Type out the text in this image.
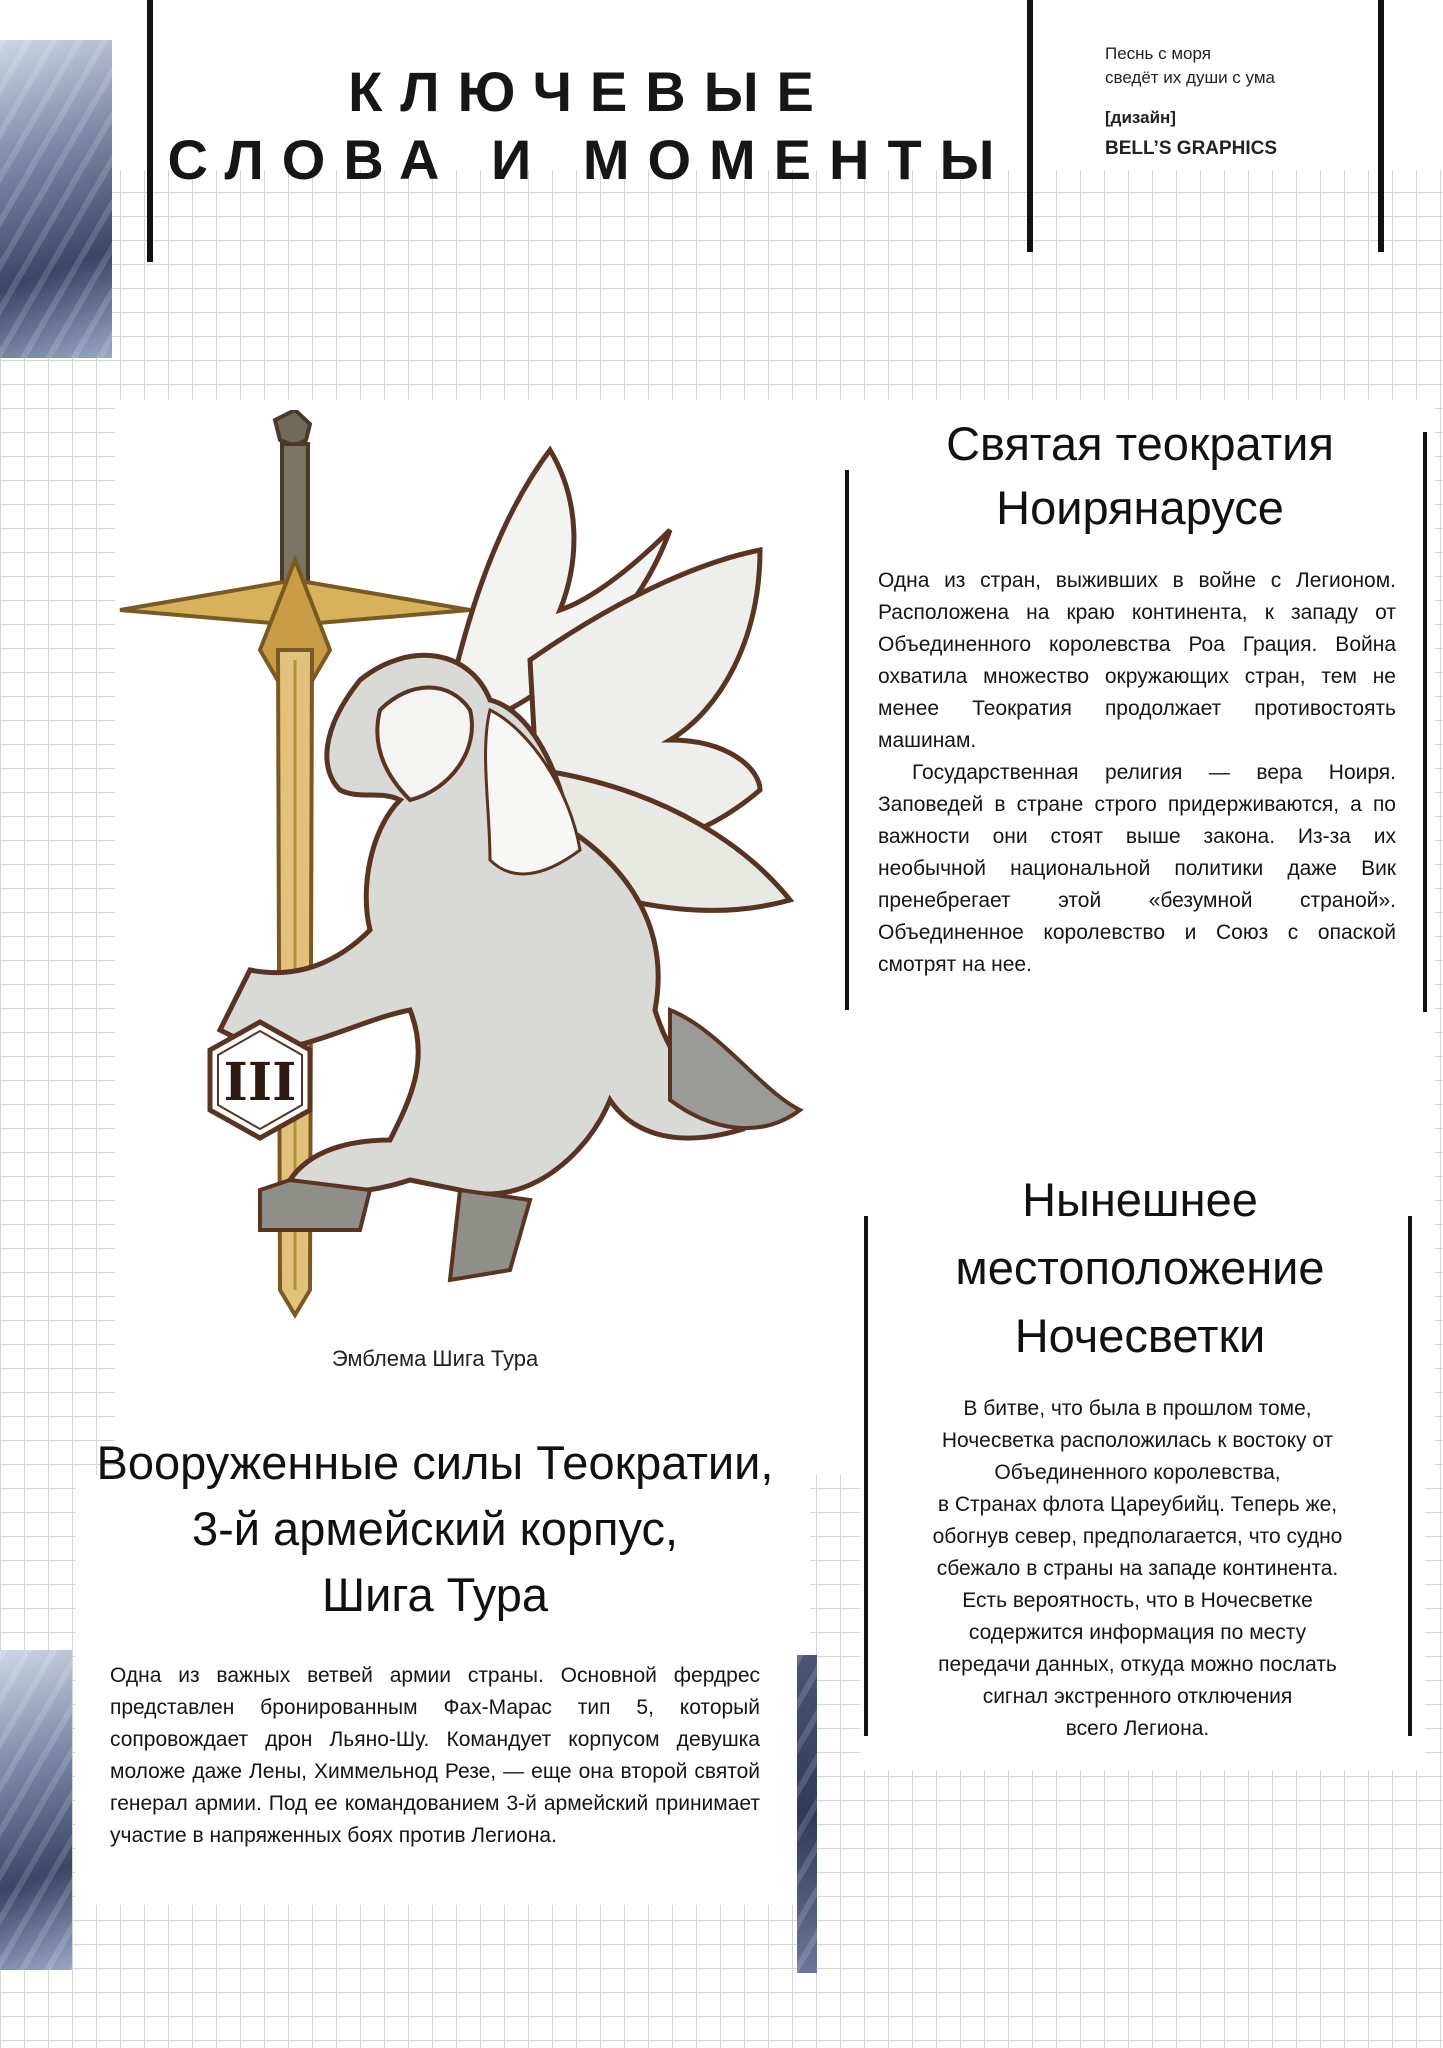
КЛЮЧЕВЫЕ
СЛОВА И МОМЕНТЫ
Песнь с моря
сведёт их души с ума
[дизайн]
BELL’S GRAPHICS
Святая теократия
Ноирянарусе

Одна из стран, выживших в войне с Легионом. Расположена на краю континента, к западу от Объединенного королевства Роа Грация. Война охватила множество окружающих стран, тем не менее Теократия продолжает противостоять машинам.

Государственная религия — вера Ноиря. Заповедей в стране строго придерживаются, а по важности они стоят выше закона. Из-за их необычной национальной политики даже Вик пренебрегает этой «безумной страной». Объединенное королевство и Союз с опаской смотрят на нее.

III
Эмблема Шига Тура
Нынешнее
местоположение
Ночесветки

В битве, что была в прошлом томе,

Ночесветка расположилась к востоку от

Объединенного королевства,

в Странах флота Цареубийц. Теперь же,

обогнув север, предполагается, что судно

сбежало в страны на западе континента.

Есть вероятность, что в Ночесветке

содержится информация по месту

передачи данных, откуда можно послать

сигнал экстренного отключения

всего Легиона.

Вооруженные силы Теократии,
3-й армейский корпус,
Шига Тура

Одна из важных ветвей армии страны. Основной фердрес представлен бронированным Фах-Марас тип 5, который сопровождает дрон Льяно-Шу. Командует корпусом девушка моложе даже Лены, Химмельнод Резе, — еще она второй святой генерал армии. Под ее командованием 3-й армейский принимает участие в напряженных боях против Легиона.
